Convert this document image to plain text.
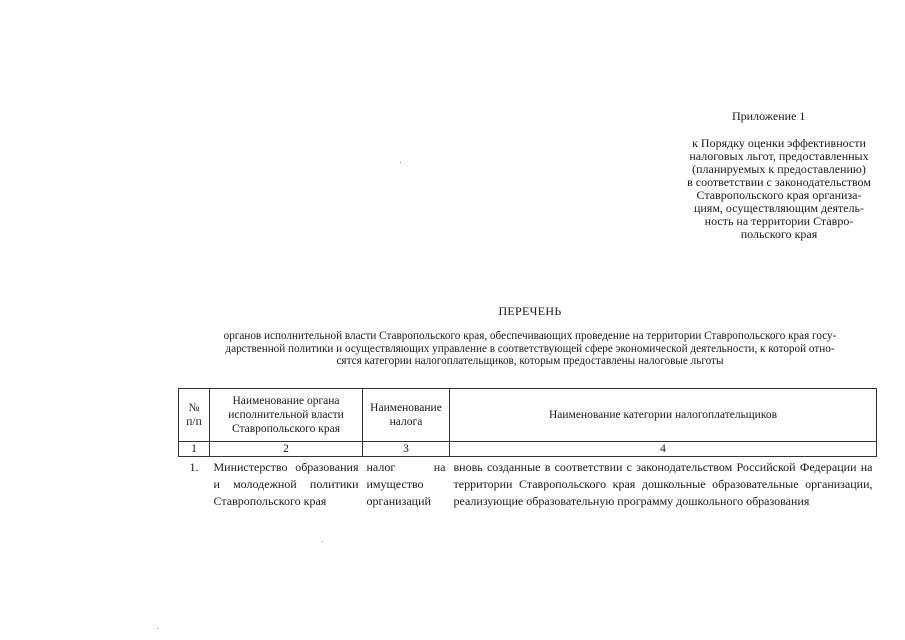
Приложение 1
к Порядку оценки эффективности
налоговых льгот, предоставленных
(планируемых к предоставлению)
в соответствии с законодательством
Ставропольского края организа-
циям, осуществляющим деятель-
ность на территории Ставро-
польского края
ПЕРЕЧЕНЬ
органов исполнительной власти Ставропольского края, обеспечивающих проведение на территории Ставропольского края госу-
дарственной политики и осуществляющих управление в соответствующей сфере экономической деятельности, к которой отно-
сятся категории налогоплательщиков, которым предоставлены налоговые льготы
№ п/п	Наименование органа исполнительной власти Ставропольского края	Наименование налога	Наименование категории налогоплательщиков
1	2	3	4
1.	Министерство образования и молодежной политики Ставропольского края	налог на имущество организаций	вновь созданные в соответствии с законодательством Российской Федерации на территории Ставропольского края дошкольные образовательные организации, реализующие образовательную программу дошкольного образования
